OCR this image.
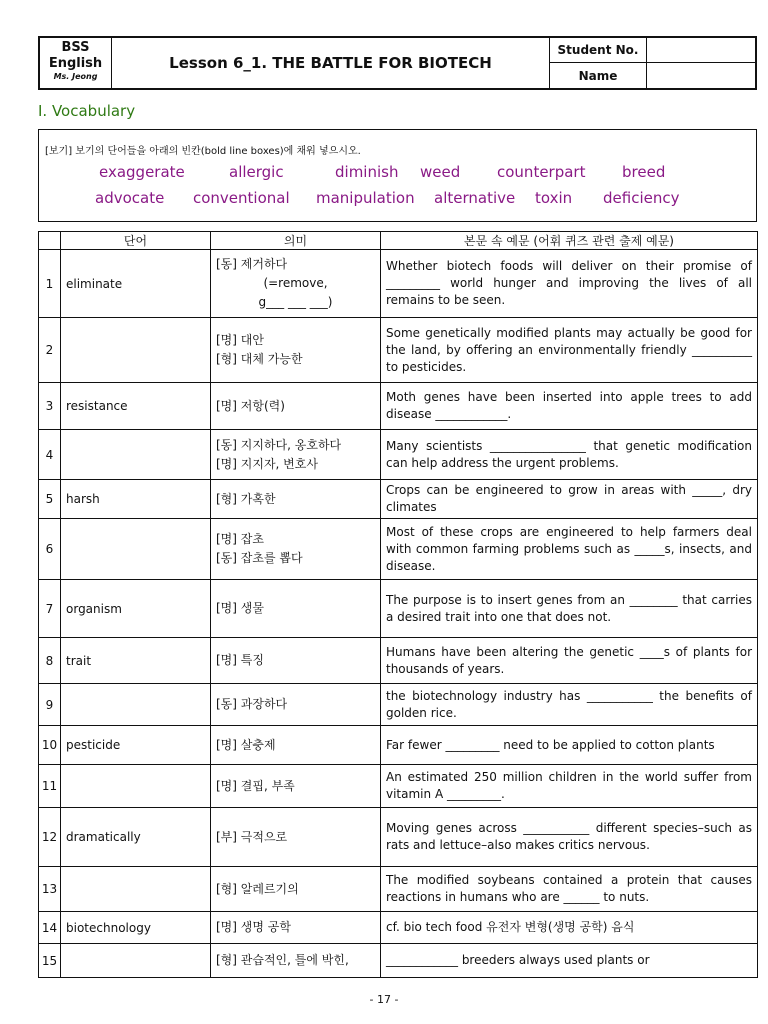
BSS
English
Ms. Jeong
Lesson 6_1. THE BATTLE FOR BIOTECH
Student No.
Name
I. Vocabulary
[보기] 보기의 단어들을 아래의 빈칸(bold line boxes)에 채워 넣으시오.
exaggerate	allergic	diminish weed counterpart breed
advocate conventional manipulation alternative toxin deficiency
	단어	의미	본문 속 예문 (어휘 퀴즈 관련 출제 예문)
1	eliminate	[동] 제거하다
(=remove,
g___ ___ ___)	Whether biotech foods will deliver on their promise of _________ world hunger and improving the lives of all remains to be seen.
2		[명] 대안
[형] 대체 가능한	Some genetically modified plants may actually be good for the land, by offering an environmentally friendly __________ to pesticides.
3	resistance	[명] 저항(력)	Moth genes have been inserted into apple trees to add disease ____________.
4		[동] 지지하다, 옹호하다
[명] 지지자, 변호사	Many scientists ________________ that genetic modification can help address the urgent problems.
5	harsh	[형] 가혹한	Crops can be engineered to grow in areas with _____, dry climates
6		[명] 잡초
[동] 잡초를 뽑다	Most of these crops are engineered to help farmers deal with common farming problems such as _____s, insects, and disease.
7	organism	[명] 생물	The purpose is to insert genes from an ________ that carries a desired trait into one that does not.
8	trait	[명] 특징	Humans have been altering the genetic ____s of plants for thousands of years.
9		[동] 과장하다	the biotechnology industry has ___________ the benefits of golden rice.
10	pesticide	[명] 살충제	Far fewer _________ need to be applied to cotton plants
11		[명] 결핍, 부족	An estimated 250 million children in the world suffer from vitamin A _________.
12	dramatically	[부] 극적으로	Moving genes across ___________ different species–such as rats and lettuce–also makes critics nervous.
13		[형] 알레르기의	The modified soybeans contained a protein that causes reactions in humans who are ______ to nuts.
14	biotechnology	[명] 생명 공학	cf. bio tech food 유전자 변형(생명 공학) 음식
15		[형] 관습적인, 틀에 박힌,	____________ breeders always used plants or
- 17 -
